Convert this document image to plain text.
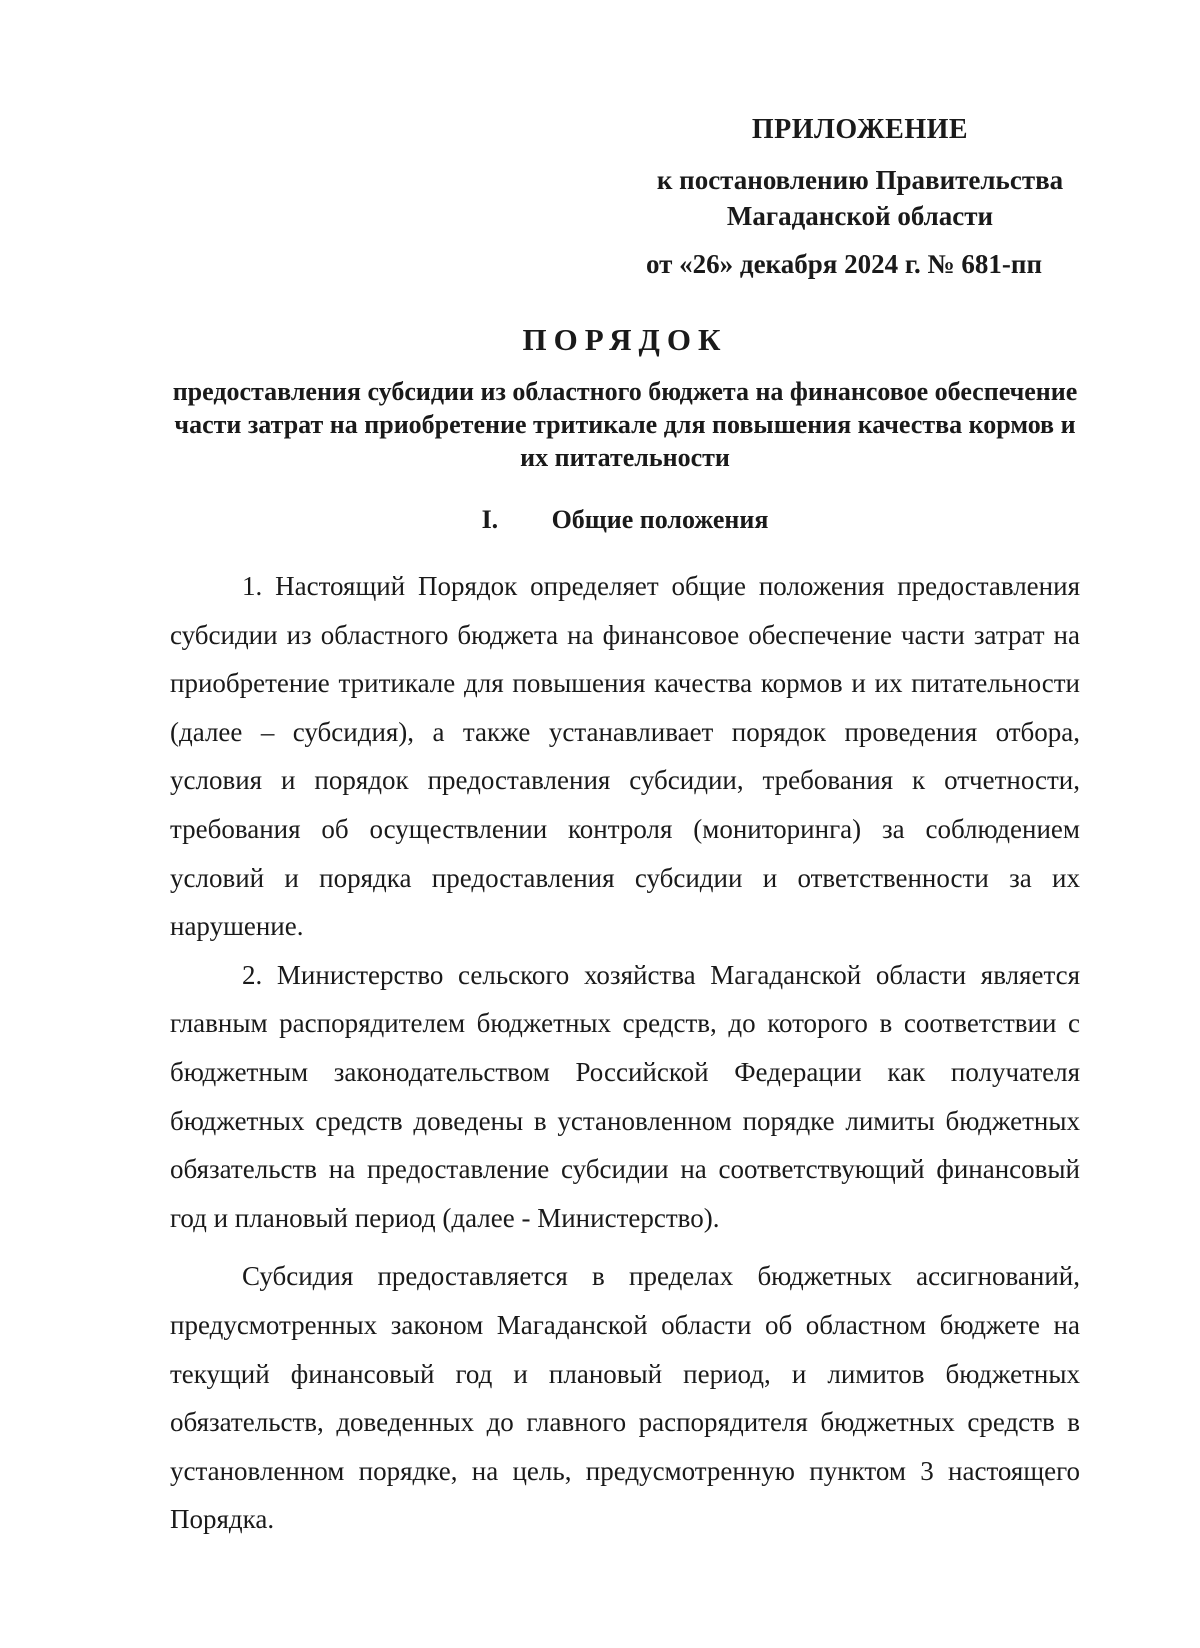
ПРИЛОЖЕНИЕ
к постановлению Правительства
Магаданской области
от «26» декабря 2024 г. № 681-пп
ПОРЯДОК
предоставления субсидии из областного бюджета на финансовое обеспечение части затрат на приобретение тритикале для повышения качества кормов и их питательности
I. Общие положения

1. Настоящий Порядок определяет общие положения предоставления субсидии из областного бюджета на финансовое обеспечение части затрат на приобретение тритикале для повышения качества кормов и их питательности (далее – субсидия), а также устанавливает порядок проведения отбора, условия и порядок предоставления субсидии, требования к отчетности, требования об осуществлении контроля (мониторинга) за соблюдением условий и порядка предоставления субсидии и ответственности за их нарушение.

2. Министерство сельского хозяйства Магаданской области является главным распорядителем бюджетных средств, до которого в соответствии с бюджетным законодательством Российской Федерации как получателя бюджетных средств доведены в установленном порядке лимиты бюджетных обязательств на предоставление субсидии на соответствующий финансовый год и плановый период (далее - Министерство).

Субсидия предоставляется в пределах бюджетных ассигнований, предусмотренных законом Магаданской области об областном бюджете на текущий финансовый год и плановый период, и лимитов бюджетных обязательств, доведенных до главного распорядителя бюджетных средств в установленном порядке, на цель, предусмотренную пунктом 3 настоящего Порядка.
